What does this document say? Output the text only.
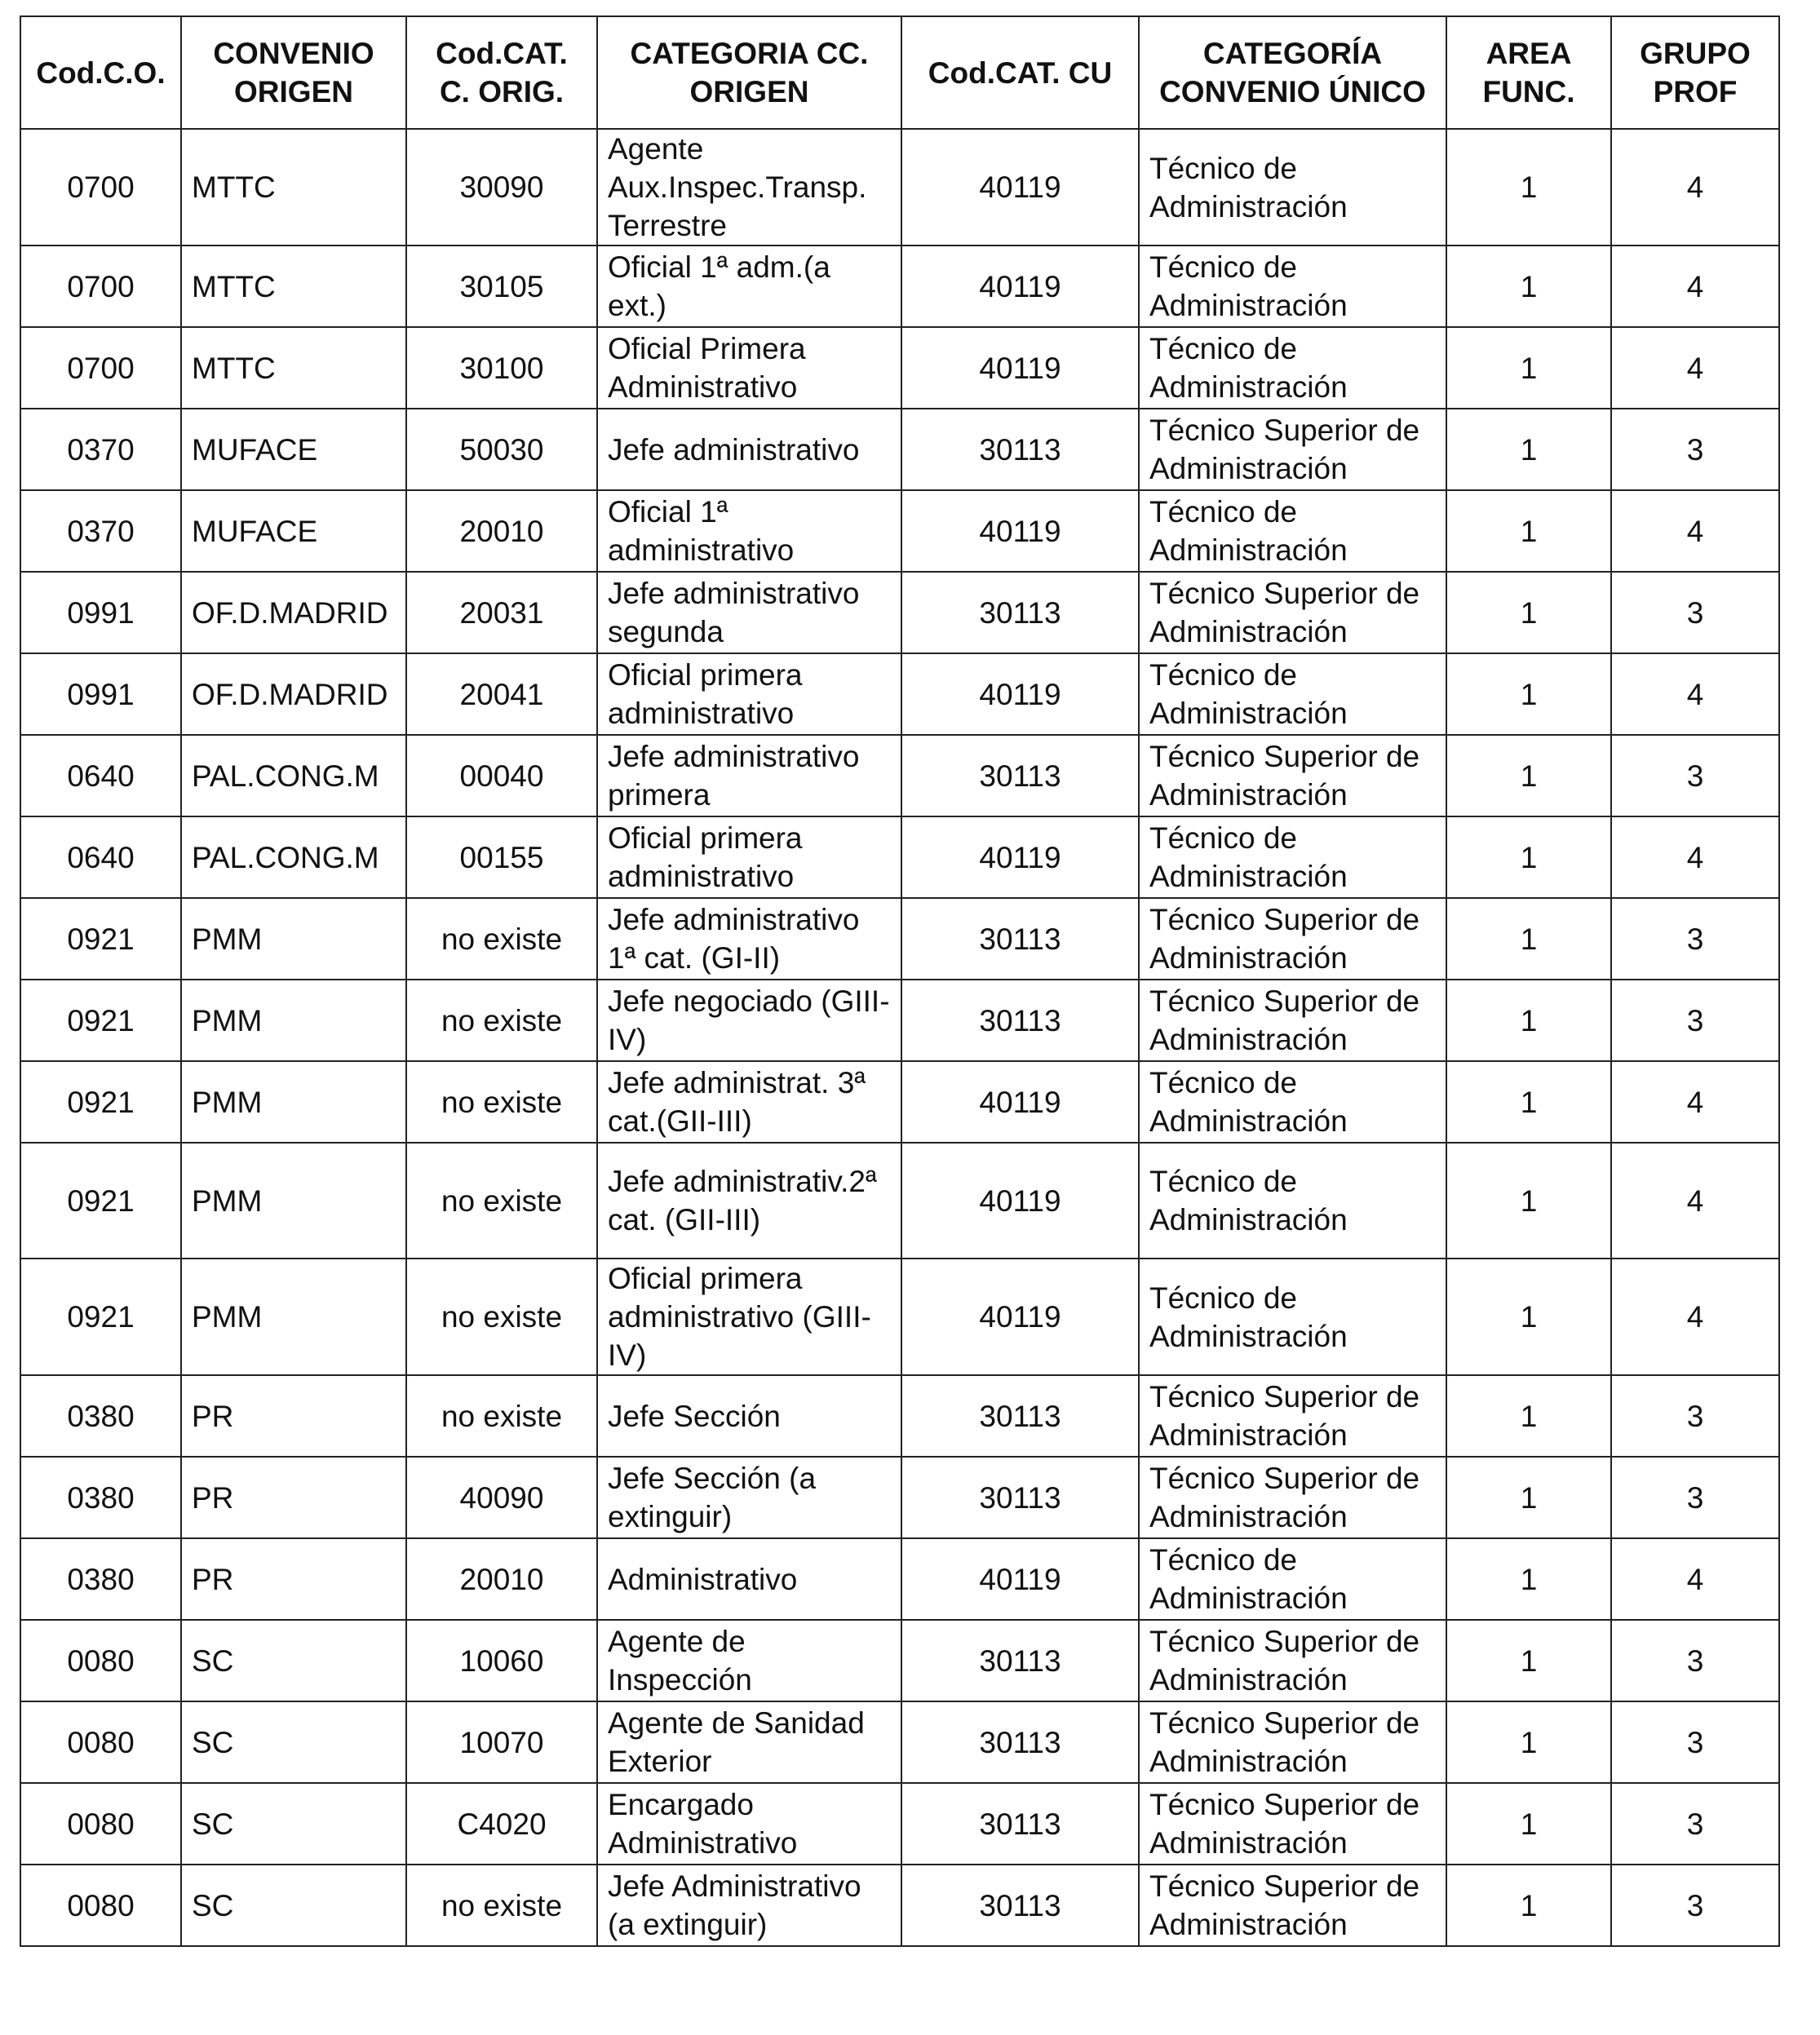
Cod.C.O.	CONVENIO ORIGEN	Cod.CAT. C. ORIG.	CATEGORIA CC. ORIGEN	Cod.CAT. CU	CATEGORÍA CONVENIO ÚNICO	AREA FUNC.	GRUPO PROF
0700	MTTC	30090	Agente Aux.Inspec.Transp. Terrestre	40119	Técnico de Administración	1	4
0700	MTTC	30105	Oficial 1ª adm.(a ext.)	40119	Técnico de Administración	1	4
0700	MTTC	30100	Oficial Primera Administrativo	40119	Técnico de Administración	1	4
0370	MUFACE	50030	Jefe administrativo	30113	Técnico Superior de Administración	1	3
0370	MUFACE	20010	Oficial 1ª administrativo	40119	Técnico de Administración	1	4
0991	OF.D.MADRID	20031	Jefe administrativo segunda	30113	Técnico Superior de Administración	1	3
0991	OF.D.MADRID	20041	Oficial primera administrativo	40119	Técnico de Administración	1	4
0640	PAL.CONG.M	00040	Jefe administrativo primera	30113	Técnico Superior de Administración	1	3
0640	PAL.CONG.M	00155	Oficial primera administrativo	40119	Técnico de Administración	1	4
0921	PMM	no existe	Jefe administrativo 1ª cat. (GI-II)	30113	Técnico Superior de Administración	1	3
0921	PMM	no existe	Jefe negociado (GIII-IV)	30113	Técnico Superior de Administración	1	3
0921	PMM	no existe	Jefe administrat. 3ª cat.(GII-III)	40119	Técnico de Administración	1	4
0921	PMM	no existe	Jefe administrativ.2ª cat. (GII-III)	40119	Técnico de Administración	1	4
0921	PMM	no existe	Oficial primera administrativo (GIII-IV)	40119	Técnico de Administración	1	4
0380	PR	no existe	Jefe Sección	30113	Técnico Superior de Administración	1	3
0380	PR	40090	Jefe Sección (a extinguir)	30113	Técnico Superior de Administración	1	3
0380	PR	20010	Administrativo	40119	Técnico de Administración	1	4
0080	SC	10060	Agente de Inspección	30113	Técnico Superior de Administración	1	3
0080	SC	10070	Agente de Sanidad Exterior	30113	Técnico Superior de Administración	1	3
0080	SC	C4020	Encargado Administrativo	30113	Técnico Superior de Administración	1	3
0080	SC	no existe	Jefe Administrativo (a extinguir)	30113	Técnico Superior de Administración	1	3
